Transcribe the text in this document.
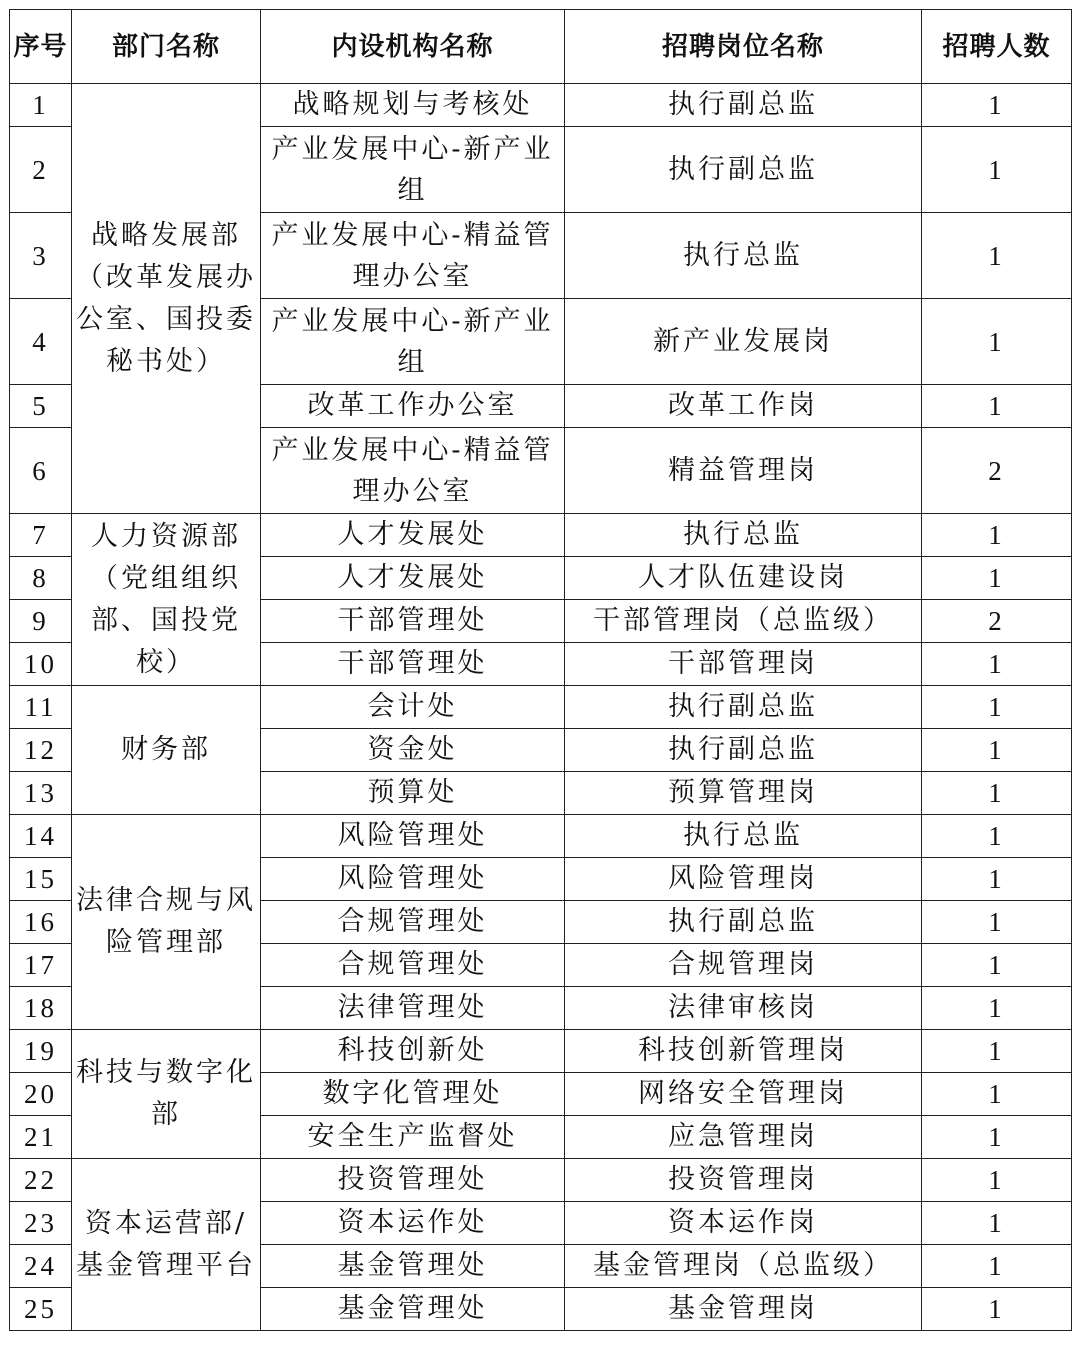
序号	部门名称	内设机构名称	招聘岗位名称	招聘人数
1	战略发展部（改革发展办公室、国投委秘书处）	战略规划与考核处	执行副总监	1
2		产业发展中心-新产业组	执行副总监	1
3		产业发展中心-精益管理办公室	执行总监	1
4		产业发展中心-新产业组	新产业发展岗	1
5		改革工作办公室	改革工作岗	1
6		产业发展中心-精益管理办公室	精益管理岗	2
7	人力资源部（党组组织部、国投党校）	人才发展处	执行总监	1
8		人才发展处	人才队伍建设岗	1
9		干部管理处	干部管理岗（总监级）	2
10		干部管理处	干部管理岗	1
11	财务部	会计处	执行副总监	1
12		资金处	执行副总监	1
13		预算处	预算管理岗	1
14	法律合规与风险管理部	风险管理处	执行总监	1
15		风险管理处	风险管理岗	1
16		合规管理处	执行副总监	1
17		合规管理处	合规管理岗	1
18		法律管理处	法律审核岗	1
19	科技与数字化部	科技创新处	科技创新管理岗	1
20		数字化管理处	网络安全管理岗	1
21		安全生产监督处	应急管理岗	1
22	资本运营部/基金管理平台	投资管理处	投资管理岗	1
23		资本运作处	资本运作岗	1
24		基金管理处	基金管理岗（总监级）	1
25		基金管理处	基金管理岗	1
